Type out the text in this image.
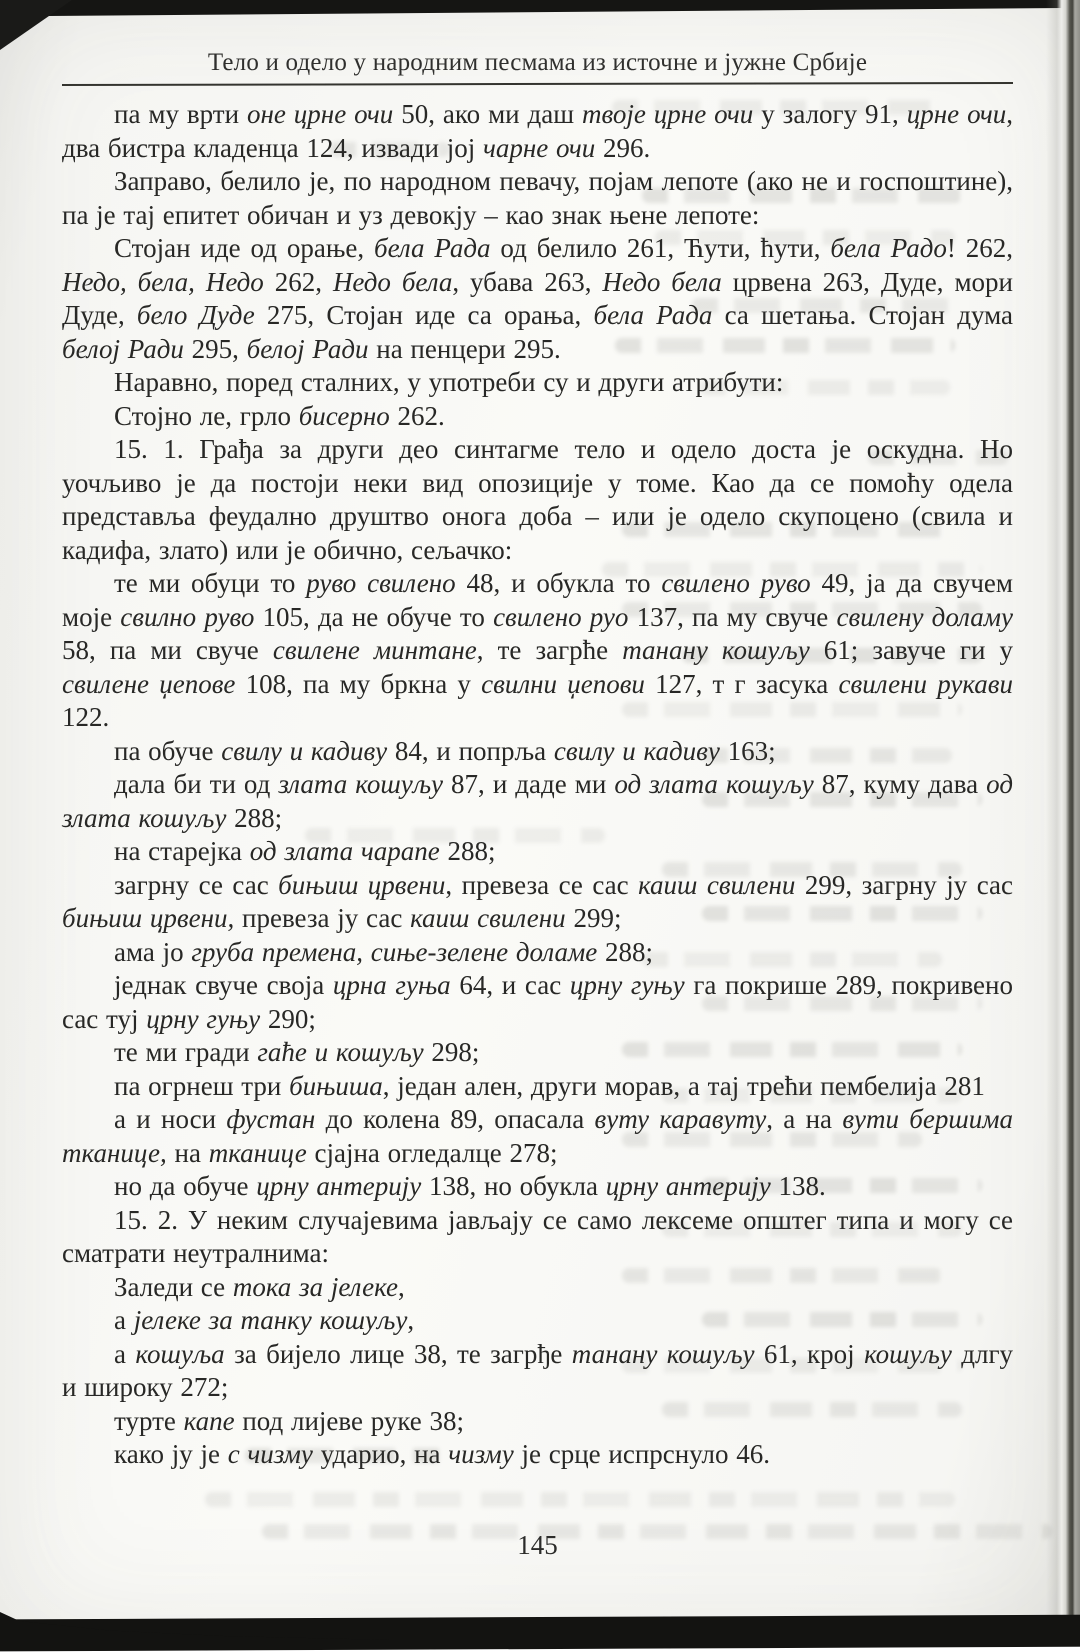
Тело и одело у народним песмама из источне и јужне Србије

па му врти оне црне очи 50, ако ми даш твоје црне очи у залогу 91, црне очи, два бистра кладенца 124, извади јој чарне очи 296.

Заправо, белило је, по народном певачу, појам лепоте (ако не и госпоштине), па је тај епитет обичан и уз девокју – као знак њене лепоте:

Стојан иде од орање, бела Рада од белило 261, Ћути, ћути, бела Радо! 262, Недо, бела, Недо 262, Недо бела, убава 263, Недо бела црвена 263, Дуде, мори Дуде, бело Дуде 275, Стојан иде са орања, бела Рада са шетања. Стојан дума белој Ради 295, белој Ради на пенцери 295.

Наравно, поред сталних, у употреби су и други атрибути:

Стојно ле, грло бисерно 262.

15. 1. Грађа за други део синтагме тело и одело доста је оскудна. Но уочљиво је да постоји неки вид опозиције у томе. Као да се помоћу одела представља феудално друштво онога доба – или је одело скупоцено (свила и кадифа, злато) или је обично, сељачко:

те ми обуци то руво свилено 48, и обукла то свилено руво 49, ја да свучем моје свилно руво 105, да не обуче то свилено руо 137, па му свуче свилену доламу 58, па ми свуче свилене минтане, те загрће танану кошуљу 61; завуче ги у свилене џепове 108, па му бркна у свилни џепови 127, т г засука свилени рукави 122.

па обуче свилу и кадиву 84, и попрља свилу и кадиву 163;

дала би ти од злата кошуљу 87, и даде ми од злата кошуљу 87, куму дава од злата кошуљу 288;

на старејка од злата чарапе 288;

загрну се сас бињиш црвени, превеза се сас каиш свилени 299, загрну ју сас бињиш црвени, превеза ју сас каиш свилени 299;

ама јо груба премена, сиње-зелене доламе 288;

једнак свуче своја црна гуња 64, и сас црну гуњу га покрише 289, покривено сас туј црну гуњу 290;

те ми гради гаће и кошуљу 298;

па огрнеш три бињиша, један ален, други морав, а тај трећи пембелија 281

а и носи фустан до колена 89, опасала вуту каравуту, а на вути бершима тканице, на тканице сјајна огледалце 278;

но да обуче црну антерију 138, но обукла црну антерију 138.

15. 2. У неким случајевима јављају се само лексеме општег типа и могу се сматрати неутралнима:

Заледи се тока за јелеке,

а јелеке за танку кошуљу,

а кошуља за бијело лице 38, те загрђе танану кошуљу 61, крој кошуљу длгу и широку 272;

турте капе под лијеве руке 38;

како ју је с чизму ударио, на чизму је срце испрснуло 46.

145
